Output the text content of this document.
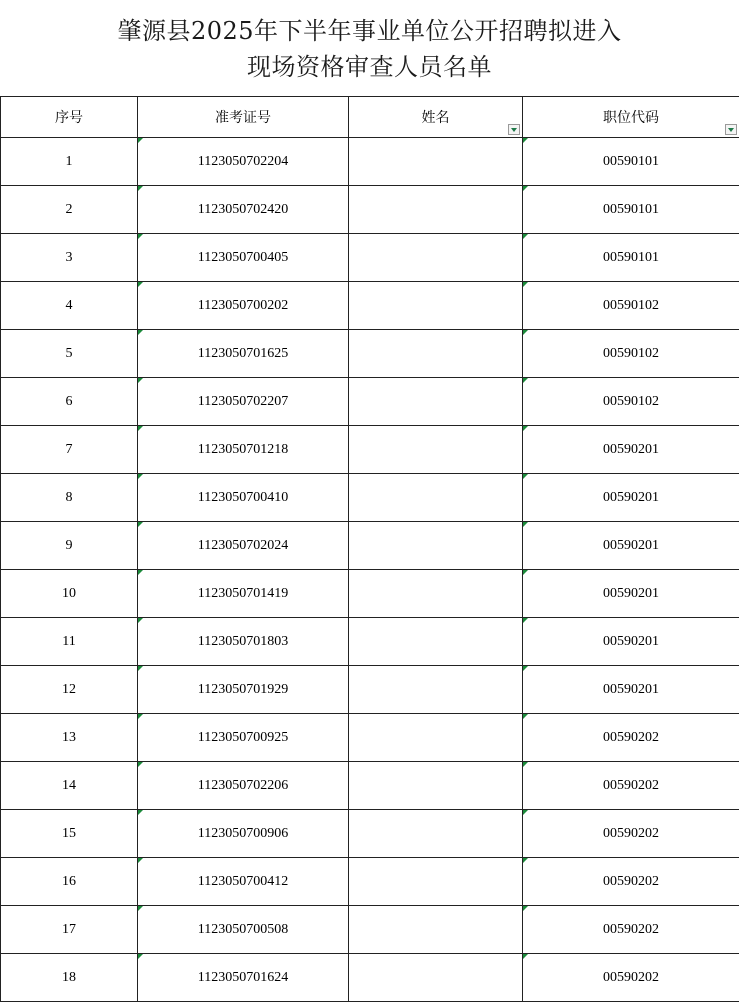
肇源县2025年下半年事业单位公开招聘拟进入
现场资格审查人员名单
序号	准考证号	姓名	职位代码

1	1123050702204		00590101

2	1123050702420		00590101

3	1123050700405		00590101

4	1123050700202		00590102

5	1123050701625		00590102

6	1123050702207		00590102

7	1123050701218		00590201

8	1123050700410		00590201

9	1123050702024		00590201

10	1123050701419		00590201

11	1123050701803		00590201

12	1123050701929		00590201

13	1123050700925		00590202

14	1123050702206		00590202

15	1123050700906		00590202

16	1123050700412		00590202

17	1123050700508		00590202

18	1123050701624		00590202
